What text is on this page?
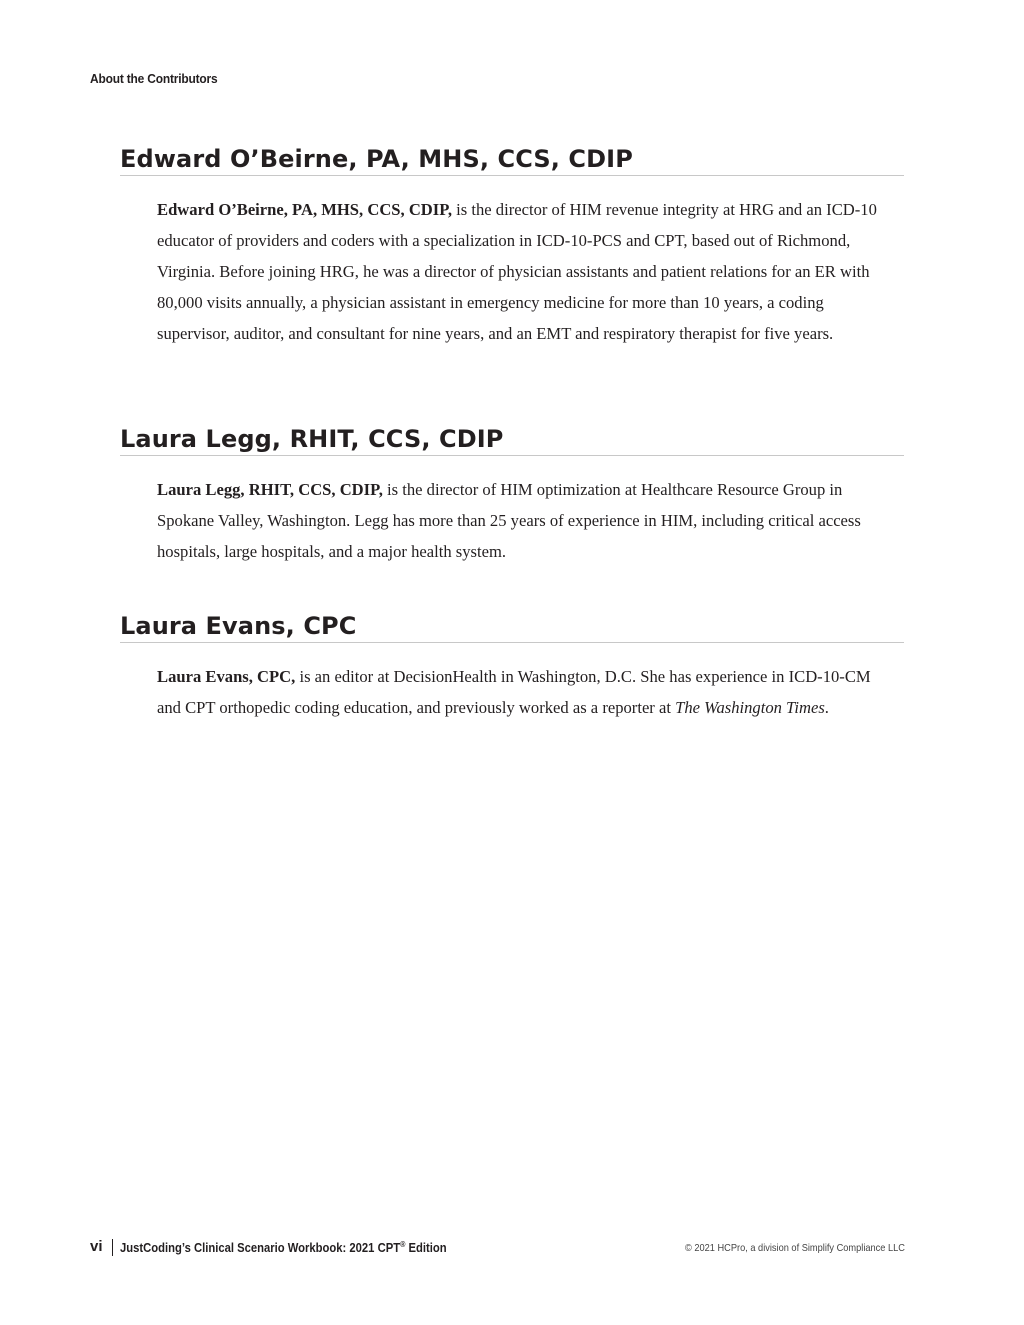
About the Contributors
Edward O’Beirne, PA, MHS, CCS, CDIP

Edward O’Beirne, PA, MHS, CCS, CDIP, is the director of HIM revenue integrity at HRG and an ICD-10 educator of providers and coders with a specialization in ICD-10-PCS and CPT, based out of Richmond, Virginia. Before joining HRG, he was a director of physician assistants and patient relations for an ER with 80,000 visits annually, a physician assistant in emergency medicine for more than 10 years, a coding supervisor, auditor, and consultant for nine years, and an EMT and respiratory therapist for five years.

Laura Legg, RHIT, CCS, CDIP

Laura Legg, RHIT, CCS, CDIP, is the director of HIM optimization at Healthcare Resource Group in Spokane Valley, Washington. Legg has more than 25 years of experience in HIM, including critical access hospitals, large hospitals, and a major health system.

Laura Evans, CPC

Laura Evans, CPC, is an editor at DecisionHealth in Washington, D.C. She has experience in ICD-10-CM and CPT orthopedic coding education, and previously worked as a reporter at The Washington Times.

vi JustCoding’s Clinical Scenario Workbook: 2021 CPT® Edition	© 2021 HCPro, a division of Simplify Compliance LLC
